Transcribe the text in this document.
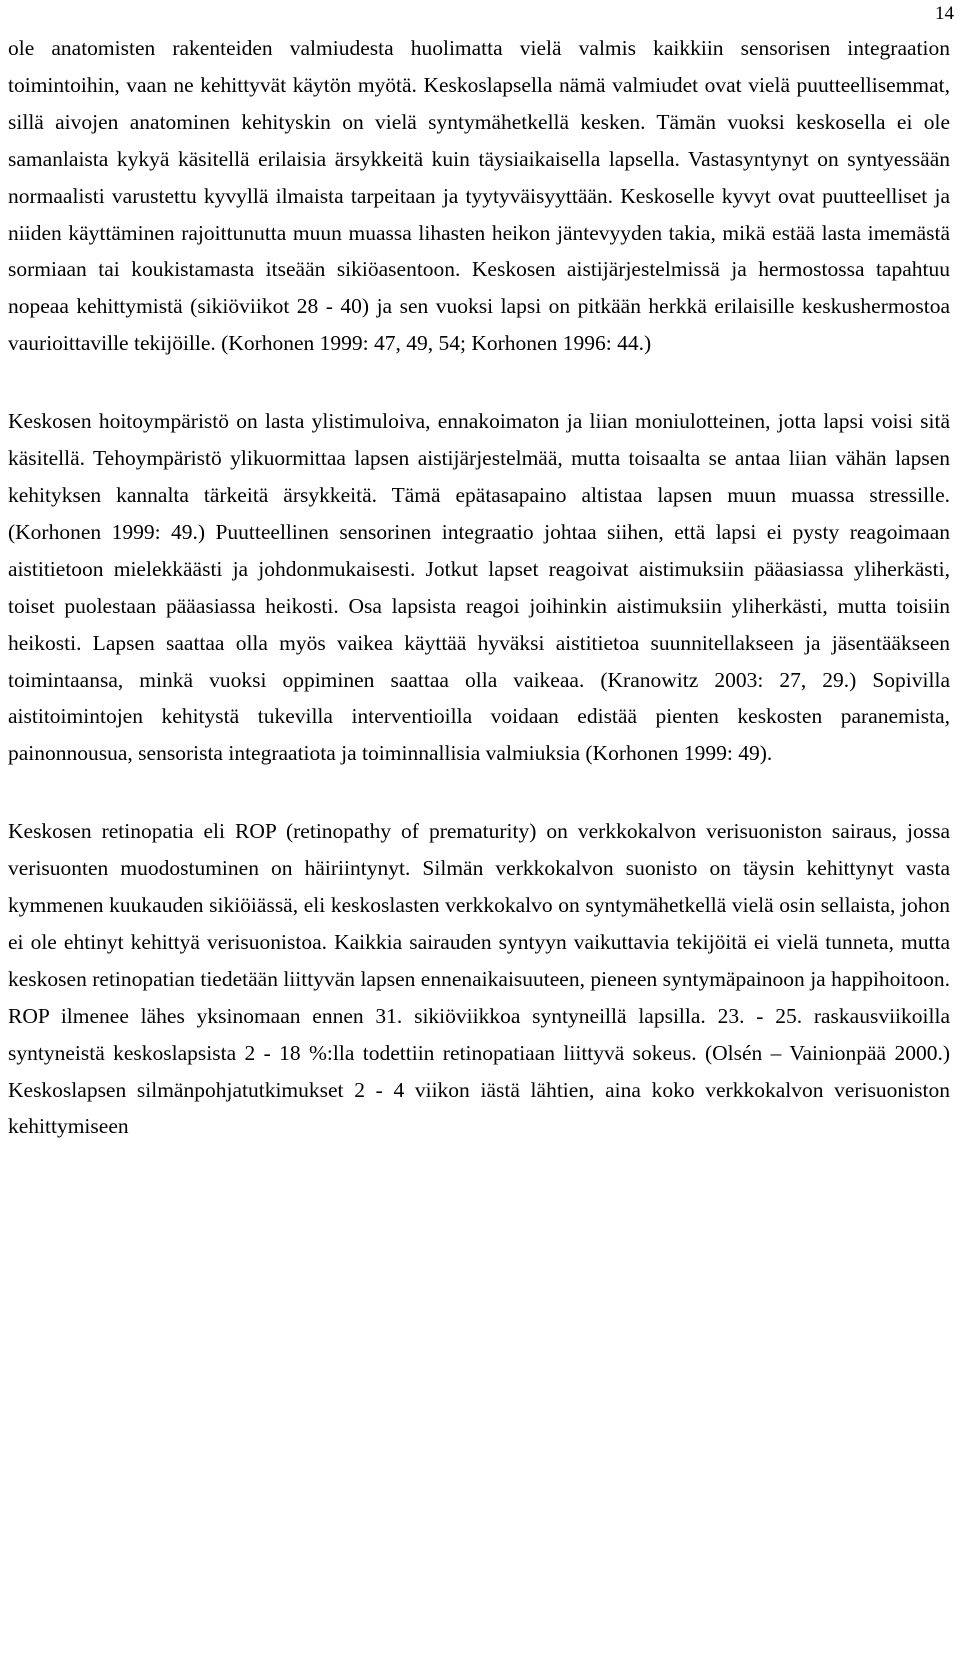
14

ole anatomisten rakenteiden valmiudesta huolimatta vielä valmis kaikkiin sensorisen integraation toimintoihin, vaan ne kehittyvät käytön myötä. Keskoslapsella nämä valmiudet ovat vielä puutteellisemmat, sillä aivojen anatominen kehityskin on vielä syntymähetkellä kesken. Tämän vuoksi keskosella ei ole samanlaista kykyä käsitellä erilaisia ärsykkeitä kuin täysiaikaisella lapsella. Vastasyntynyt on syntyessään normaalisti varustettu kyvyllä ilmaista tarpeitaan ja tyytyväisyyttään. Keskoselle kyvyt ovat puutteelliset ja niiden käyttäminen rajoittunutta muun muassa lihasten heikon jäntevyyden takia, mikä estää lasta imemästä sormiaan tai koukistamasta itseään sikiöasentoon. Keskosen aistijärjestelmissä ja hermostossa tapahtuu nopeaa kehittymistä (sikiöviikot 28 - 40) ja sen vuoksi lapsi on pitkään herkkä erilaisille keskushermostoa vaurioittaville tekijöille. (Korhonen 1999: 47, 49, 54; Korhonen 1996: 44.)

Keskosen hoitoympäristö on lasta ylistimuloiva, ennakoimaton ja liian moniulotteinen, jotta lapsi voisi sitä käsitellä. Tehoympäristö ylikuormittaa lapsen aistijärjestelmää, mutta toisaalta se antaa liian vähän lapsen kehityksen kannalta tärkeitä ärsykkeitä. Tämä epätasapaino altistaa lapsen muun muassa stressille. (Korhonen 1999: 49.) Puutteellinen sensorinen integraatio johtaa siihen, että lapsi ei pysty reagoimaan aistitietoon mielekkäästi ja johdonmukaisesti. Jotkut lapset reagoivat aistimuksiin pääasiassa yliherkästi, toiset puolestaan pääasiassa heikosti. Osa lapsista reagoi joihinkin aistimuksiin yliherkästi, mutta toisiin heikosti. Lapsen saattaa olla myös vaikea käyttää hyväksi aistitietoa suunnitellakseen ja jäsentääkseen toimintaansa, minkä vuoksi oppiminen saattaa olla vaikeaa. (Kranowitz 2003: 27, 29.) Sopivilla aistitoimintojen kehitystä tukevilla interventioilla voidaan edistää pienten keskosten paranemista, painonnousua, sensorista integraatiota ja toiminnallisia valmiuksia (Korhonen 1999: 49).

Keskosen retinopatia eli ROP (retinopathy of prematurity) on verkkokalvon verisuoniston sairaus, jossa verisuonten muodostuminen on häiriintynyt. Silmän verkkokalvon suonisto on täysin kehittynyt vasta kymmenen kuukauden sikiöiässä, eli keskoslasten verkkokalvo on syntymähetkellä vielä osin sellaista, johon ei ole ehtinyt kehittyä verisuonistoa. Kaikkia sairauden syntyyn vaikuttavia tekijöitä ei vielä tunneta, mutta keskosen retinopatian tiedetään liittyvän lapsen ennenaikaisuuteen, pieneen syntymäpainoon ja happihoitoon. ROP ilmenee lähes yksinomaan ennen 31. sikiöviikkoa syntyneillä lapsilla. 23. - 25. raskausviikoilla syntyneistä keskoslapsista 2 - 18 %:lla todettiin retinopatiaan liittyvä sokeus. (Olsén – Vainionpää 2000.) Keskoslapsen silmänpohjatutkimukset 2 - 4 viikon iästä lähtien, aina koko verkkokalvon verisuoniston kehittymiseen
